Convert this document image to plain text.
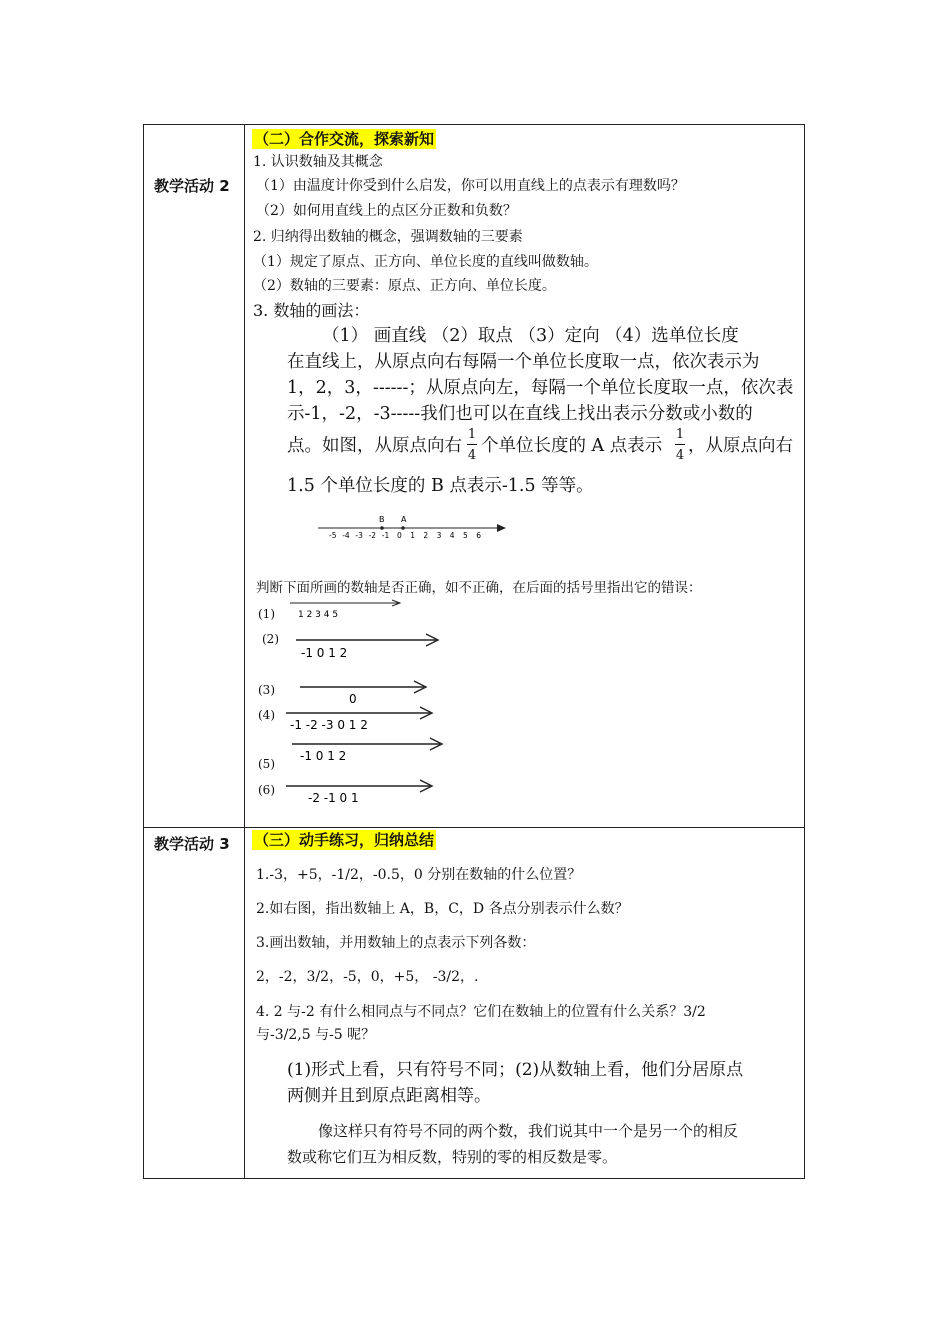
教学活动 2
教学活动 3
（二）合作交流，探索新知
1. 认识数轴及其概念
（1）由温度计你受到什么启发，你可以用直线上的点表示有理数吗？
（2）如何用直线上的点区分正数和负数？
2. 归纳得出数轴的概念，强调数轴的三要素
（1）规定了原点、正方向、单位长度的直线叫做数轴。
（2）数轴的三要素：原点、正方向、单位长度。
3. 数轴的画法：
（1） 画直线 （2）取点 （3）定向 （4）选单位长度
在直线上，从原点向右每隔一个单位长度取一点，依次表示为
1，2，3，------；从原点向左，每隔一个单位长度取一点，依次表
示-1，-2，-3-----我们也可以在直线上找出表示分数或小数的
点。如图，从原点向右
1
4 个单位长度的 A 点表示
1
4 ，从原点向右
1.5 个单位长度的 B 点表示-1.5 等等。
-5 -4 -3 -2 -1 0 1 2 3 4 5 6
B A
判断下面所画的数轴是否正确，如不正确，在后面的括号里指出它的错误：
(1)
(2)
(3)
(4)
(5)
(6)
1 2 3 4 5
-1 0 1 2
0
-1 -2 -3 0 1 2
-1 0 1 2
-2 -1 0 1
（三）动手练习，归纳总结
1.-3，+5，-1/2，-0.5，0 分别在数轴的什么位置？
2.如右图，指出数轴上 A，B，C，D 各点分别表示什么数？
3.画出数轴，并用数轴上的点表示下列各数：
2，-2，3/2，-5，0，+5， -3/2，.
4. 2 与-2 有什么相同点与不同点？它们在数轴上的位置有什么关系？3/2
与-3/2,5 与-5 呢？
(1)形式上看，只有符号不同；(2)从数轴上看，他们分居原点
两侧并且到原点距离相等。
像这样只有符号不同的两个数，我们说其中一个是另一个的相反
数或称它们互为相反数，特别的零的相反数是零。
